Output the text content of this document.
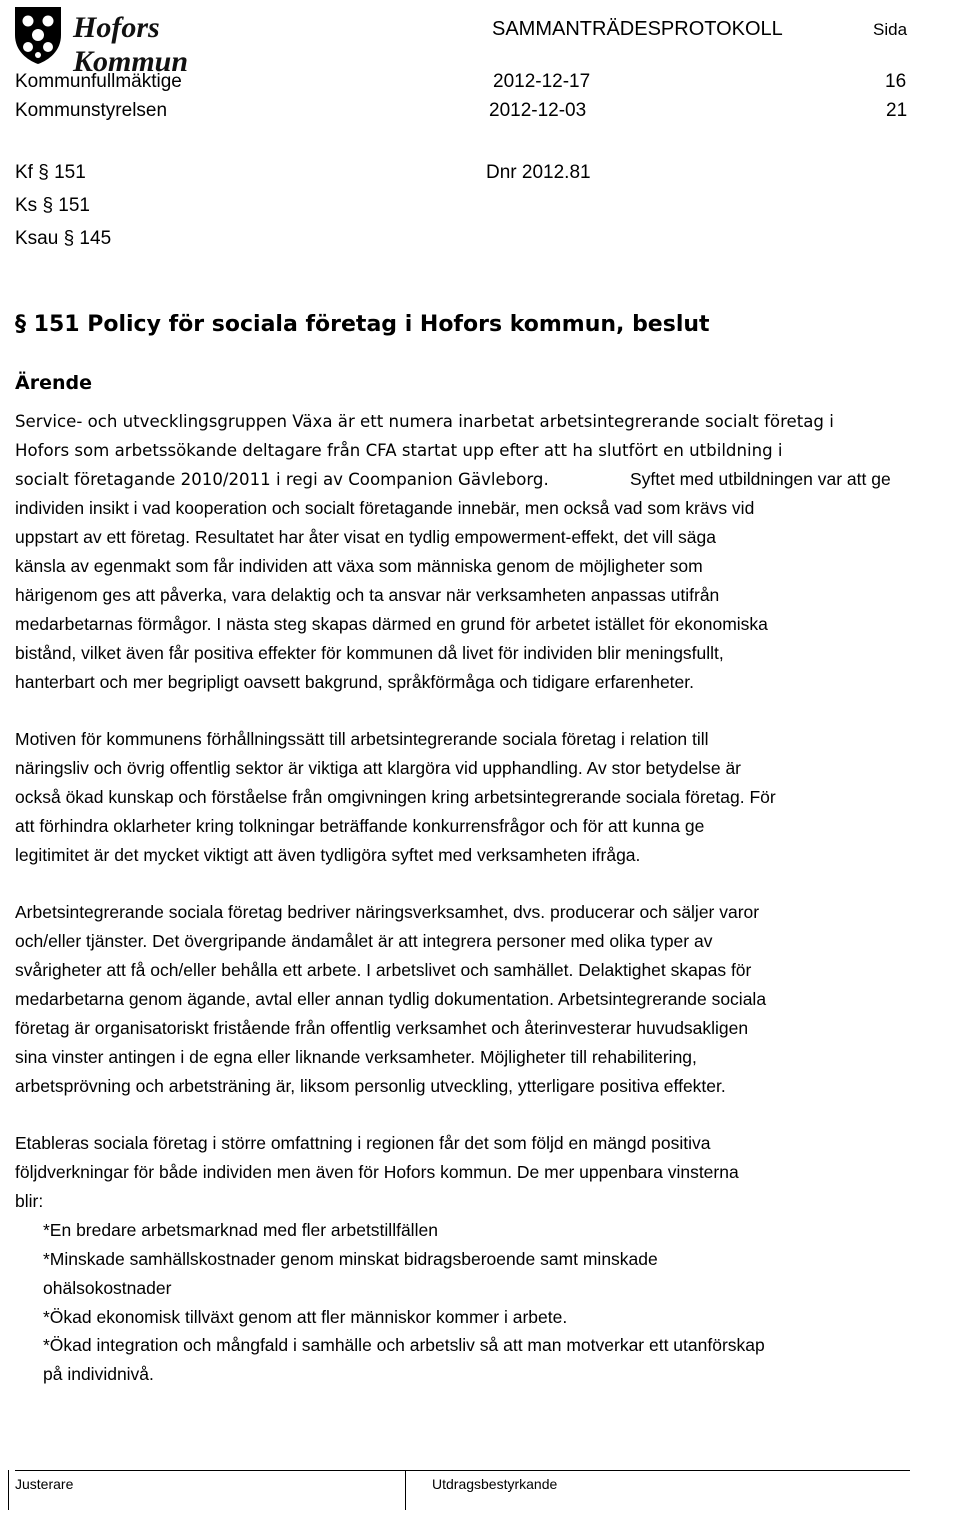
Hofors Kommun
SAMMANTRÄDESPROTOKOLL	Sida
Kommunfullmäktige	2012-12-17	16
Kommunstyrelsen	2012-12-03	21
Kf § 151	Dnr 2012.81
Ks § 151
Ksau § 145
§ 151 Policy för sociala företag i Hofors kommun, beslut
Ärende
Service- och utvecklingsgruppen Växa är ett numera inarbetat arbetsintegrerande socialt företag i
Hofors som arbetssökande deltagare från CFA startat upp efter att ha slutfört en utbildning i
socialt företagande 2010/2011 i regi av Coompanion Gävleborg.	Syftet med utbildningen var att ge
individen insikt i vad kooperation och socialt företagande innebär, men också vad som krävs vid
uppstart av ett företag. Resultatet har åter visat en tydlig empowerment-effekt, det vill säga
känsla av egenmakt som får individen att växa som människa genom de möjligheter som
härigenom ges att påverka, vara delaktig och ta ansvar när verksamheten anpassas utifrån
medarbetarnas förmågor. I nästa steg skapas därmed en grund för arbetet istället för ekonomiska
bistånd, vilket även får positiva effekter för kommunen då livet för individen blir meningsfullt,
hanterbart och mer begripligt oavsett bakgrund, språkförmåga och tidigare erfarenheter.
Motiven för kommunens förhållningssätt till arbetsintegrerande sociala företag i relation till
näringsliv och övrig offentlig sektor är viktiga att klargöra vid upphandling. Av stor betydelse är
också ökad kunskap och förståelse från omgivningen kring arbetsintegrerande sociala företag. För
att förhindra oklarheter kring tolkningar beträffande konkurrensfrågor och för att kunna ge
legitimitet är det mycket viktigt att även tydligöra syftet med verksamheten ifråga.
Arbetsintegrerande sociala företag bedriver näringsverksamhet, dvs. producerar och säljer varor
och/eller tjänster. Det övergripande ändamålet är att integrera personer med olika typer av
svårigheter att få och/eller behålla ett arbete. I arbetslivet och samhället. Delaktighet skapas för
medarbetarna genom ägande, avtal eller annan tydlig dokumentation. Arbetsintegrerande sociala
företag är organisatoriskt fristående från offentlig verksamhet och återinvesterar huvudsakligen
sina vinster antingen i de egna eller liknande verksamheter. Möjligheter till rehabilitering,
arbetsprövning och arbetsträning är, liksom personlig utveckling, ytterligare positiva effekter.
Etableras sociala företag i större omfattning i regionen får det som följd en mängd positiva
följdverkningar för både individen men även för Hofors kommun. De mer uppenbara vinsterna
blir:
*En bredare arbetsmarknad med fler arbetstillfällen
*Minskade samhällskostnader genom minskat bidragsberoende samt minskade
ohälsokostnader
*Ökad ekonomisk tillväxt genom att fler människor kommer i arbete.
*Ökad integration och mångfald i samhälle och arbetsliv så att man motverkar ett utanförskap
på individnivå.
Justerare	Utdragsbestyrkande
